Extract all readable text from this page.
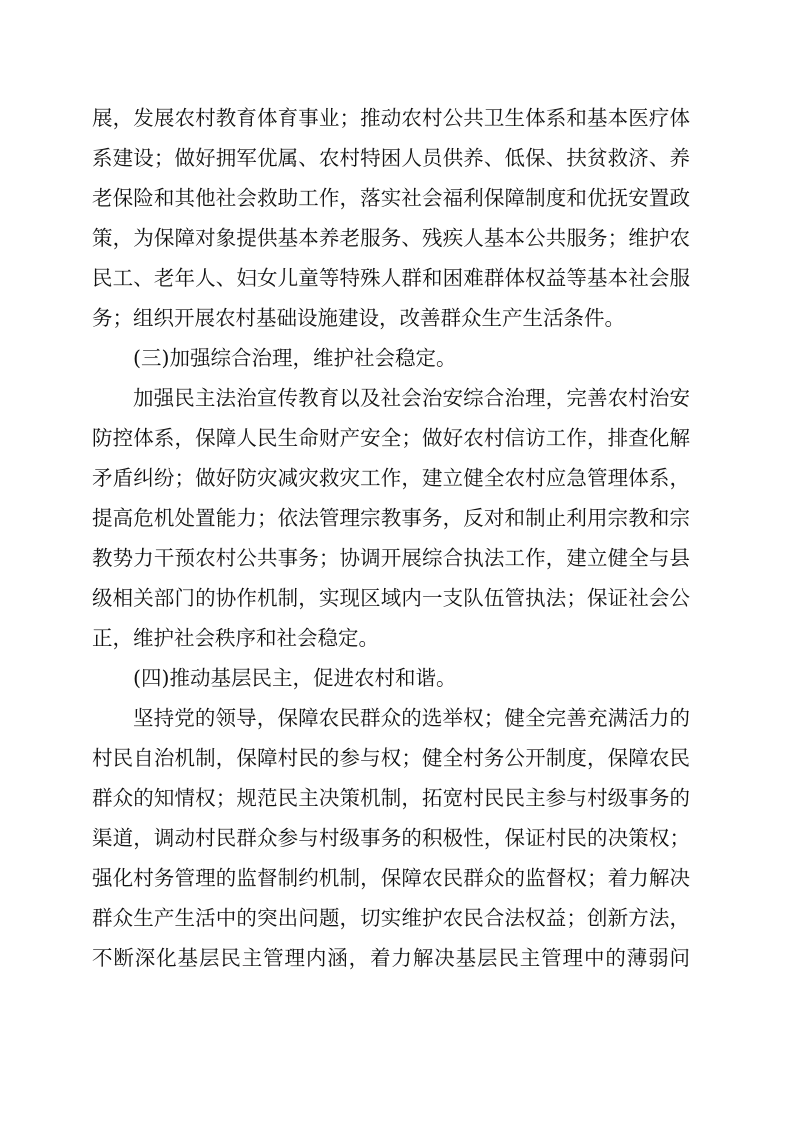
展，发展农村教育体育事业；推动农村公共卫生体系和基本医疗体
系建设；做好拥军优属、农村特困人员供养、低保、扶贫救济、养
老保险和其他社会救助工作，落实社会福利保障制度和优抚安置政
策，为保障对象提供基本养老服务、残疾人基本公共服务；维护农
民工、老年人、妇女儿童等特殊人群和困难群体权益等基本社会服
务；组织开展农村基础设施建设，改善群众生产生活条件。
(三)加强综合治理，维护社会稳定。
加强民主法治宣传教育以及社会治安综合治理，完善农村治安
防控体系，保障人民生命财产安全；做好农村信访工作，排查化解
矛盾纠纷；做好防灾减灾救灾工作，建立健全农村应急管理体系，
提高危机处置能力；依法管理宗教事务，反对和制止利用宗教和宗
教势力干预农村公共事务；协调开展综合执法工作，建立健全与县
级相关部门的协作机制，实现区域内一支队伍管执法；保证社会公
正，维护社会秩序和社会稳定。
(四)推动基层民主，促进农村和谐。
坚持党的领导，保障农民群众的选举权；健全完善充满活力的
村民自治机制，保障村民的参与权；健全村务公开制度，保障农民
群众的知情权；规范民主决策机制，拓宽村民民主参与村级事务的
渠道，调动村民群众参与村级事务的积极性，保证村民的决策权；
强化村务管理的监督制约机制，保障农民群众的监督权；着力解决
群众生产生活中的突出问题，切实维护农民合法权益；创新方法，
不断深化基层民主管理内涵，着力解决基层民主管理中的薄弱问
